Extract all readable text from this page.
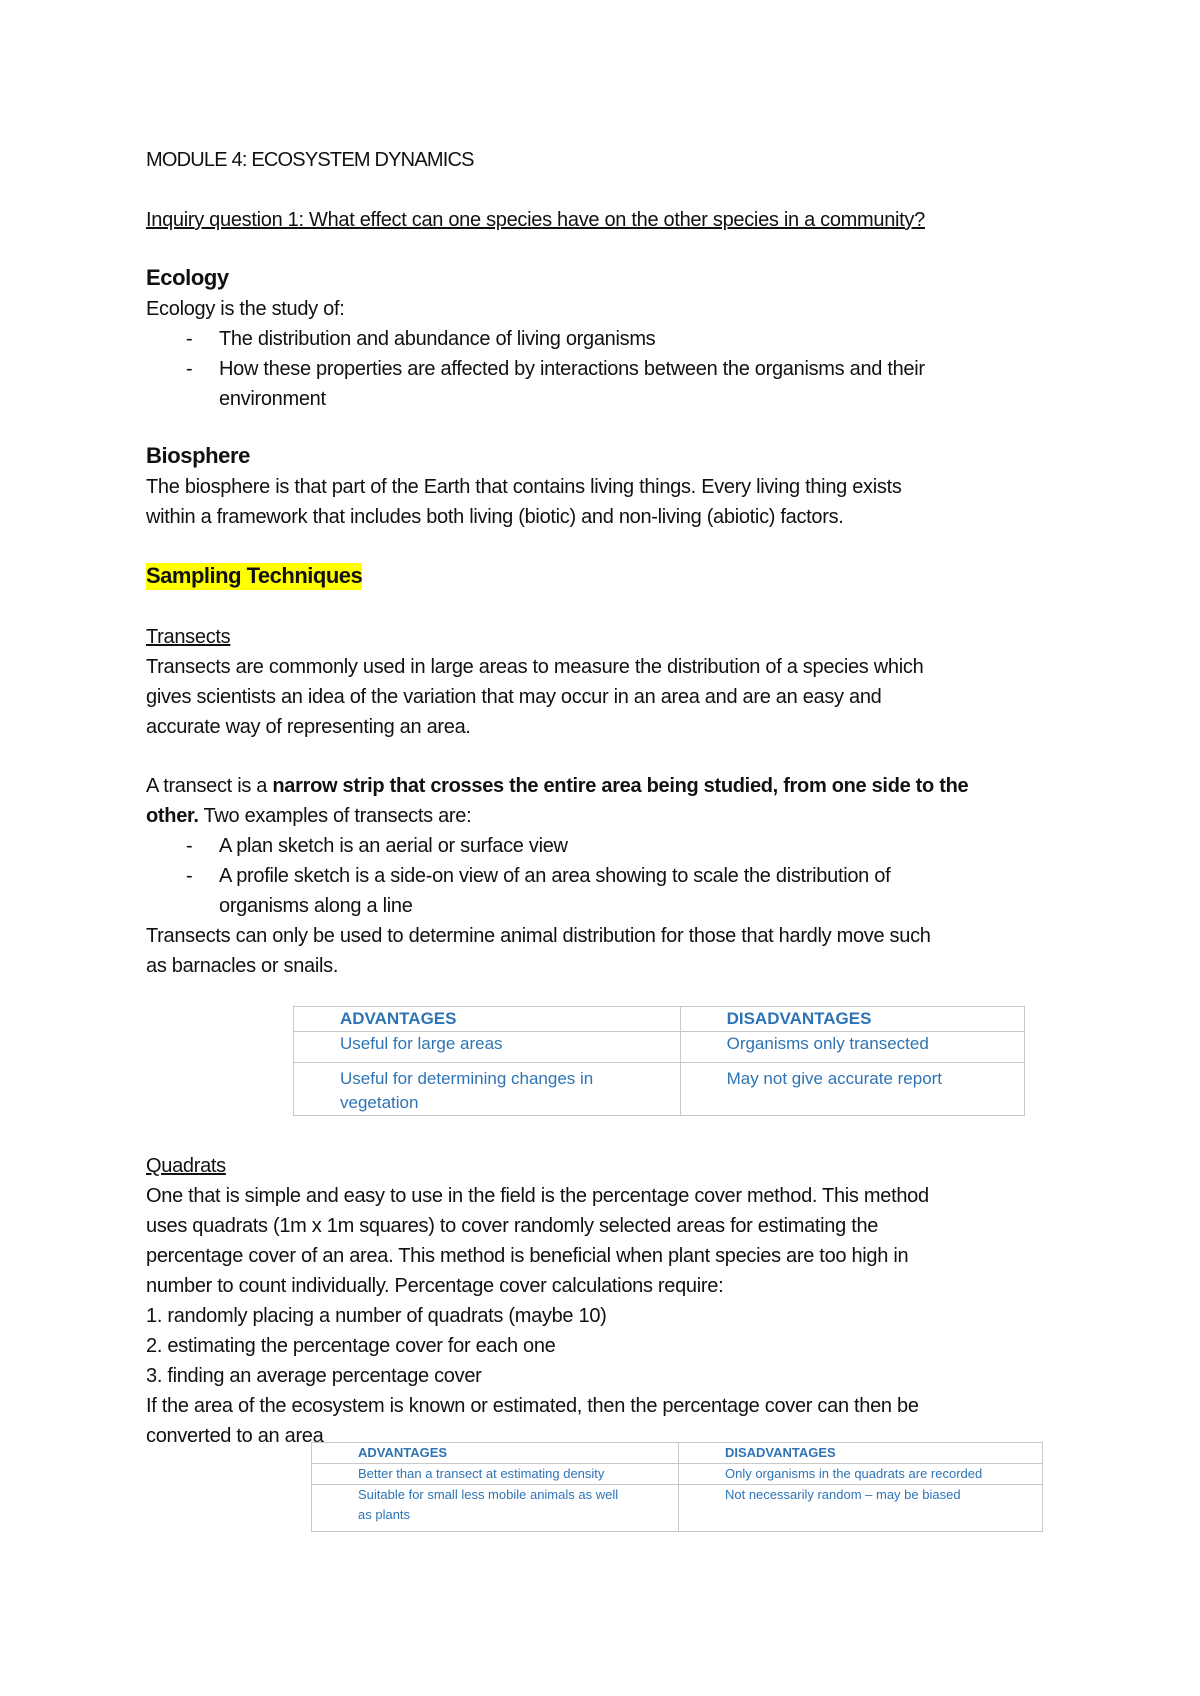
MODULE 4: ECOSYSTEM DYNAMICS
Inquiry question 1: What effect can one species have on the other species in a community?
Ecology
Ecology is the study of:
- The distribution and abundance of living organisms
- How these properties are affected by interactions between the organisms and their
environment
Biosphere
The biosphere is that part of the Earth that contains living things. Every living thing exists
within a framework that includes both living (biotic) and non-living (abiotic) factors.
Sampling Techniques
Transects
Transects are commonly used in large areas to measure the distribution of a species which
gives scientists an idea of the variation that may occur in an area and are an easy and
accurate way of representing an area.
A transect is a narrow strip that crosses the entire area being studied, from one side to the
other. Two examples of transects are:
- A plan sketch is an aerial or surface view
- A profile sketch is a side-on view of an area showing to scale the distribution of
organisms along a line
Transects can only be used to determine animal distribution for those that hardly move such
as barnacles or snails.
ADVANTAGES	DISADVANTAGES
Useful for large areas	Organisms only transected

Useful for determining changes in
vegetation	May not give accurate report
Quadrats
One that is simple and easy to use in the field is the percentage cover method. This method
uses quadrats (1m x 1m squares) to cover randomly selected areas for estimating the
percentage cover of an area. This method is beneficial when plant species are too high in
number to count individually. Percentage cover calculations require:
1. randomly placing a number of quadrats (maybe 10)
2. estimating the percentage cover for each one
3. finding an average percentage cover
If the area of the ecosystem is known or estimated, then the percentage cover can then be
converted to an area
ADVANTAGES	DISADVANTAGES
Better than a transect at estimating density	Only organisms in the quadrats are recorded

Suitable for small less mobile animals as well
as plants	Not necessarily random – may be biased
